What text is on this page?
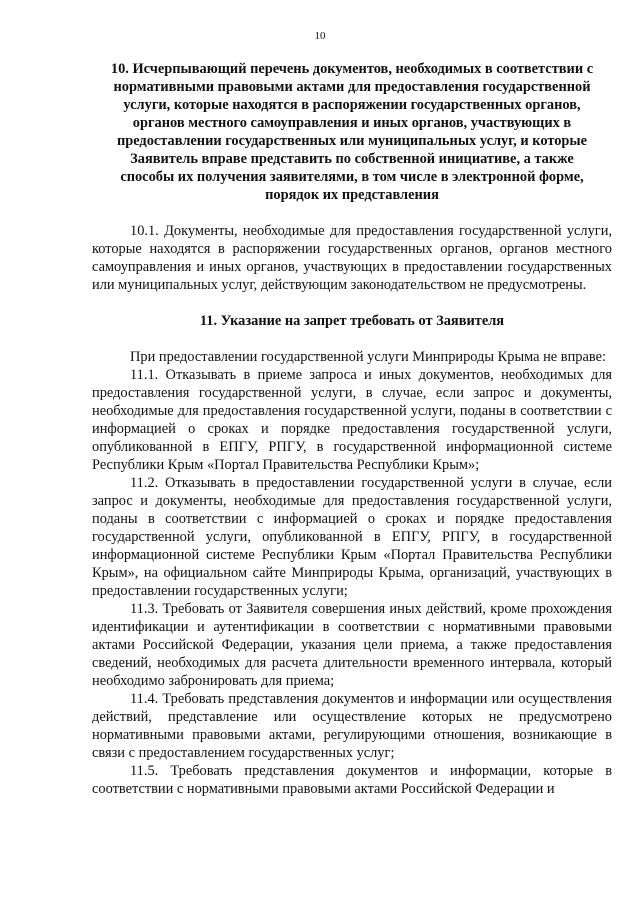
10

10. Исчерпывающий перечень документов, необходимых в соответствии с нормативными правовыми актами для предоставления государственной услуги, которые находятся в распоряжении государственных органов, органов местного самоуправления и иных органов, участвующих в предоставлении государственных или муниципальных услуг, и которые Заявитель вправе представить по собственной инициативе, а также способы их получения заявителями, в том числе в электронной форме, порядок их представления

10.1. Документы, необходимые для предоставления государственной услуги, которые находятся в распоряжении государственных органов, органов местного самоуправления и иных органов, участвующих в предоставлении государственных или муниципальных услуг, действующим законодательством не предусмотрены.

11. Указание на запрет требовать от Заявителя

При предоставлении государственной услуги Минприроды Крыма не вправе:

11.1. Отказывать в приеме запроса и иных документов, необходимых для предоставления государственной услуги, в случае, если запрос и документы, необходимые для предоставления государственной услуги, поданы в соответствии с информацией о сроках и порядке предоставления государственной услуги, опубликованной в ЕПГУ, РПГУ, в государственной информационной системе Республики Крым «Портал Правительства Республики Крым»;

11.2. Отказывать в предоставлении государственной услуги в случае, если запрос и документы, необходимые для предоставления государственной услуги, поданы в соответствии с информацией о сроках и порядке предоставления государственной услуги, опубликованной в ЕПГУ, РПГУ, в государственной информационной системе Республики Крым «Портал Правительства Республики Крым», на официальном сайте Минприроды Крыма, организаций, участвующих в предоставлении государственных услуги;

11.3. Требовать от Заявителя совершения иных действий, кроме прохождения идентификации и аутентификации в соответствии с нормативными правовыми актами Российской Федерации, указания цели приема, а также предоставления сведений, необходимых для расчета длительности временного интервала, который необходимо забронировать для приема;

11.4. Требовать представления документов и информации или осуществления действий, представление или осуществление которых не предусмотрено нормативными правовыми актами, регулирующими отношения, возникающие в связи с предоставлением государственных услуг;

11.5. Требовать представления документов и информации, которые в соответствии с нормативными правовыми актами Российской Федерации и
